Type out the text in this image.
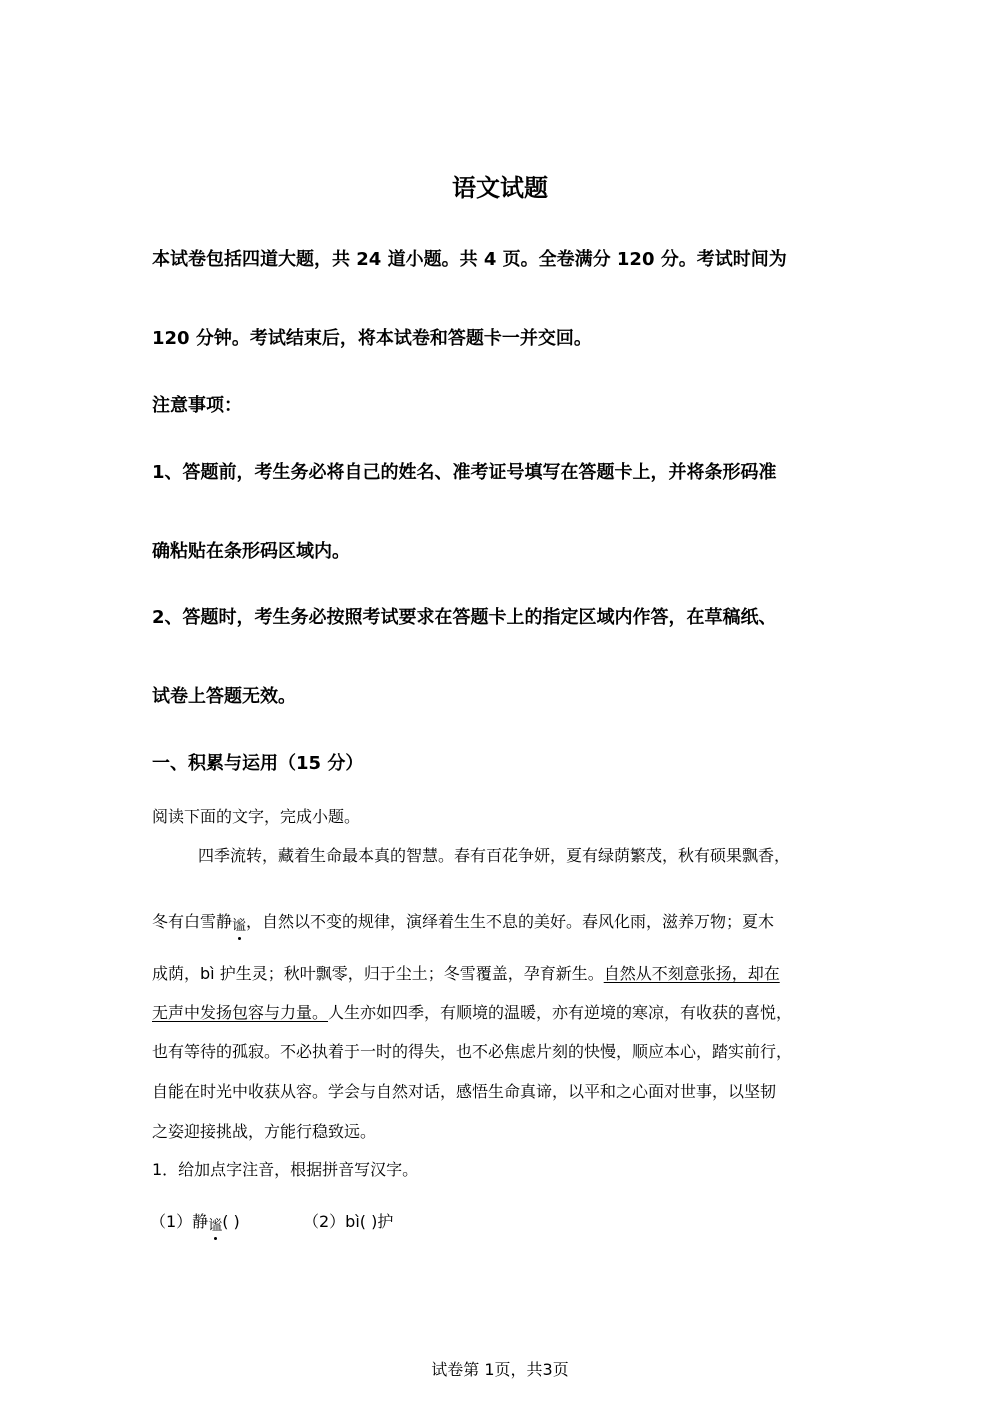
语文试题
本试卷包括四道大题，共 24 道小题。共 4 页。全卷满分 120 分。考试时间为
120 分钟。考试结束后，将本试卷和答题卡一并交回。
注意事项：
1、答题前，考生务必将自己的姓名、准考证号填写在答题卡上，并将条形码准
确粘贴在条形码区域内。
2、答题时，考生务必按照考试要求在答题卡上的指定区域内作答，在草稿纸、
试卷上答题无效。
一、积累与运用（15 分）
阅读下面的文字，完成小题。
四季流转，藏着生命最本真的智慧。春有百花争妍，夏有绿荫繁茂，秋有硕果飘香，
冬有白雪静谧，自然以不变的规律，演绎着生生不息的美好。春风化雨，滋养万物；夏木
成荫，bì 护生灵；秋叶飘零，归于尘土；冬雪覆盖，孕育新生。自然从不刻意张扬，却在
无声中发扬包容与力量。人生亦如四季，有顺境的温暖，亦有逆境的寒凉，有收获的喜悦，
也有等待的孤寂。不必执着于一时的得失，也不必焦虑片刻的快慢，顺应本心，踏实前行，
自能在时光中收获从容。学会与自然对话，感悟生命真谛，以平和之心面对世事，以坚韧
之姿迎接挑战，方能行稳致远。
1．给加点字注音，根据拼音写汉字。
（1）静谧( )	（2）bì( )护
试卷第 1页，共3页
